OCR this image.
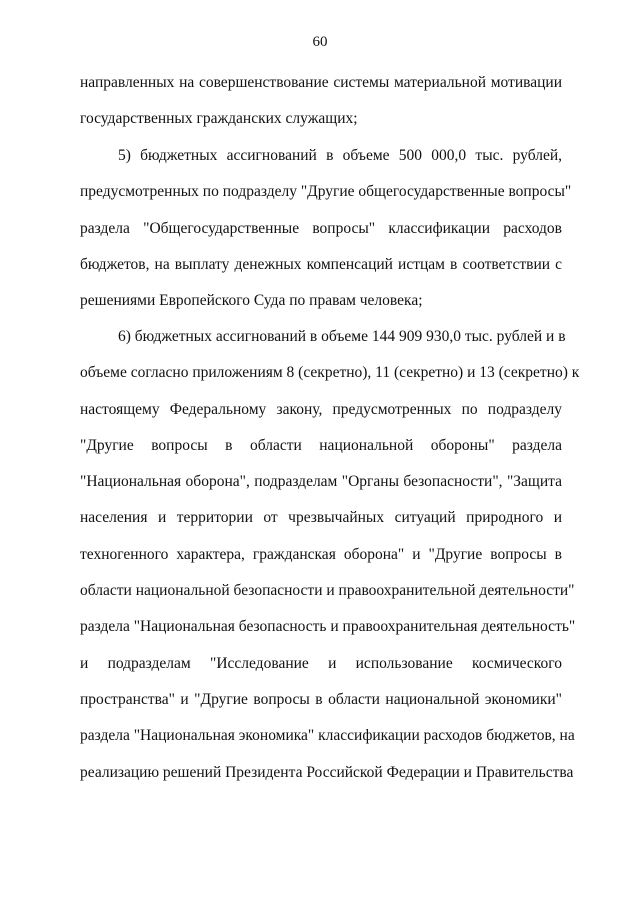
60
направленных на совершенствование системы материальной мотивации
государственных гражданских служащих;
5) бюджетных ассигнований в объеме 500 000,0 тыс. рублей,
предусмотренных по подразделу "Другие общегосударственные вопросы"
раздела "Общегосударственные вопросы" классификации расходов
бюджетов, на выплату денежных компенсаций истцам в соответствии с
решениями Европейского Суда по правам человека;
6) бюджетных ассигнований в объеме 144 909 930,0 тыс. рублей и в
объеме согласно приложениям 8 (секретно), 11 (секретно) и 13 (секретно) к
настоящему Федеральному закону, предусмотренных по подразделу
"Другие вопросы в области национальной обороны" раздела
"Национальная оборона", подразделам "Органы безопасности", "Защита
населения и территории от чрезвычайных ситуаций природного и
техногенного характера, гражданская оборона" и "Другие вопросы в
области национальной безопасности и правоохранительной деятельности"
раздела "Национальная безопасность и правоохранительная деятельность"
и подразделам "Исследование и использование космического
пространства" и "Другие вопросы в области национальной экономики"
раздела "Национальная экономика" классификации расходов бюджетов, на
реализацию решений Президента Российской Федерации и Правительства
